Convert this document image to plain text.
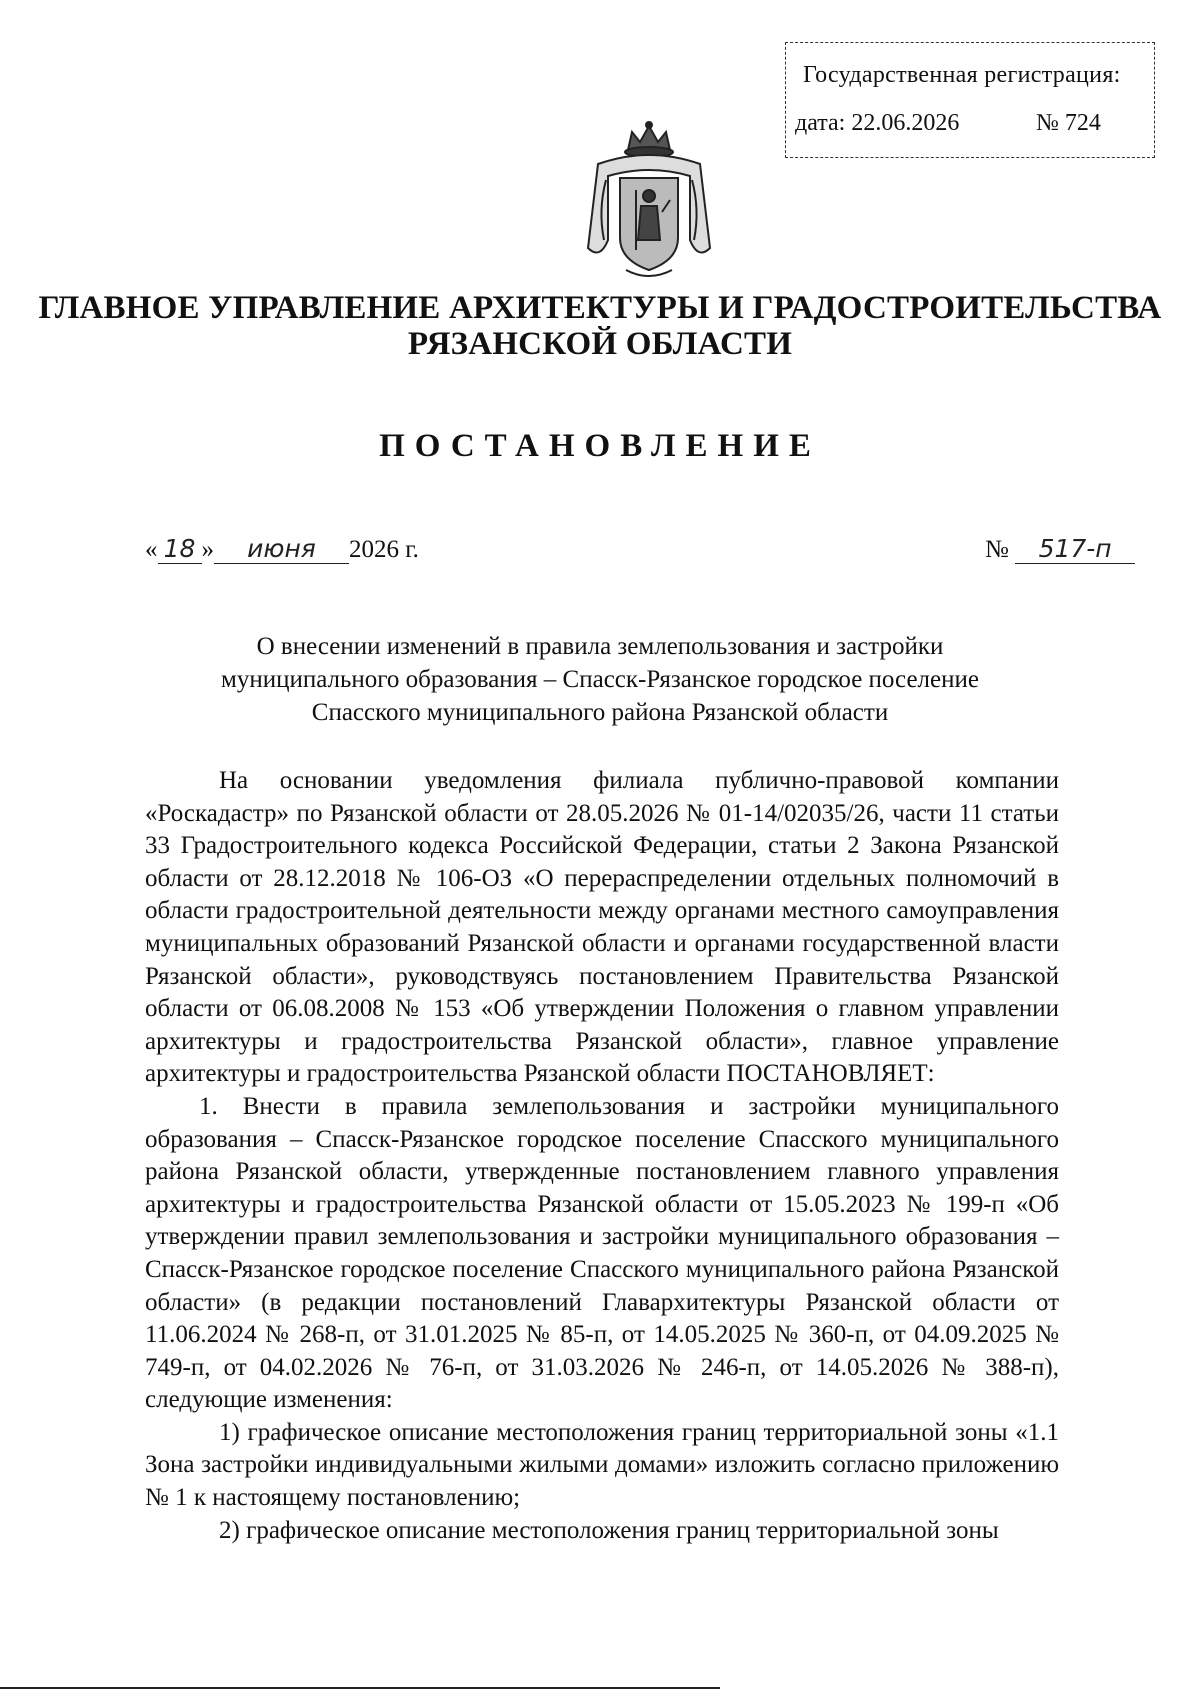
Государственная регистрация:
дата: 22.06.2026	№ 724
ГЛАВНОЕ УПРАВЛЕНИЕ АРХИТЕКТУРЫ И ГРАДОСТРОИТЕЛЬСТВА
РЯЗАНСКОЙ ОБЛАСТИ
ПОСТАНОВЛЕНИЕ
« 18 » июня 2026 г.	№ 517-п
О внесении изменений в правила землепользования и застройки
муниципального образования – Спасск-Рязанское городское поселение
Спасского муниципального района Рязанской области

На основании уведомления филиала публично-правовой компании «Роскадастр» по Рязанской области от 28.05.2026 № 01-14/02035/26, части 11 статьи 33 Градостроительного кодекса Российской Федерации, статьи 2 Закона Рязанской области от 28.12.2018 № 106-ОЗ «О перераспределении отдельных полномочий в области градостроительной деятельности между органами местного самоуправления муниципальных образований Рязанской области и органами государственной власти Рязанской области», руководствуясь постановлением Правительства Рязанской области от 06.08.2008 № 153 «Об утверждении Положения о главном управлении архитектуры и градостроительства Рязанской области», главное управление архитектуры и градостроительства Рязанской области ПОСТАНОВЛЯЕТ:

1. Внести в правила землепользования и застройки муниципального образования – Спасск-Рязанское городское поселение Спасского муниципального района Рязанской области, утвержденные постановлением главного управления архитектуры и градостроительства Рязанской области от 15.05.2023 № 199-п «Об утверждении правил землепользования и застройки муниципального образования – Спасск-Рязанское городское поселение Спасского муниципального района Рязанской области» (в редакции постановлений Главархитектуры Рязанской области от 11.06.2024 № 268-п, от 31.01.2025 № 85-п, от 14.05.2025 № 360-п, от 04.09.2025 № 749-п, от 04.02.2026 № 76-п, от 31.03.2026 № 246-п, от 14.05.2026 № 388-п), следующие изменения:

1) графическое описание местоположения границ территориальной зоны «1.1 Зона застройки индивидуальными жилыми домами» изложить согласно приложению № 1 к настоящему постановлению;

2) графическое описание местоположения границ территориальной зоны
